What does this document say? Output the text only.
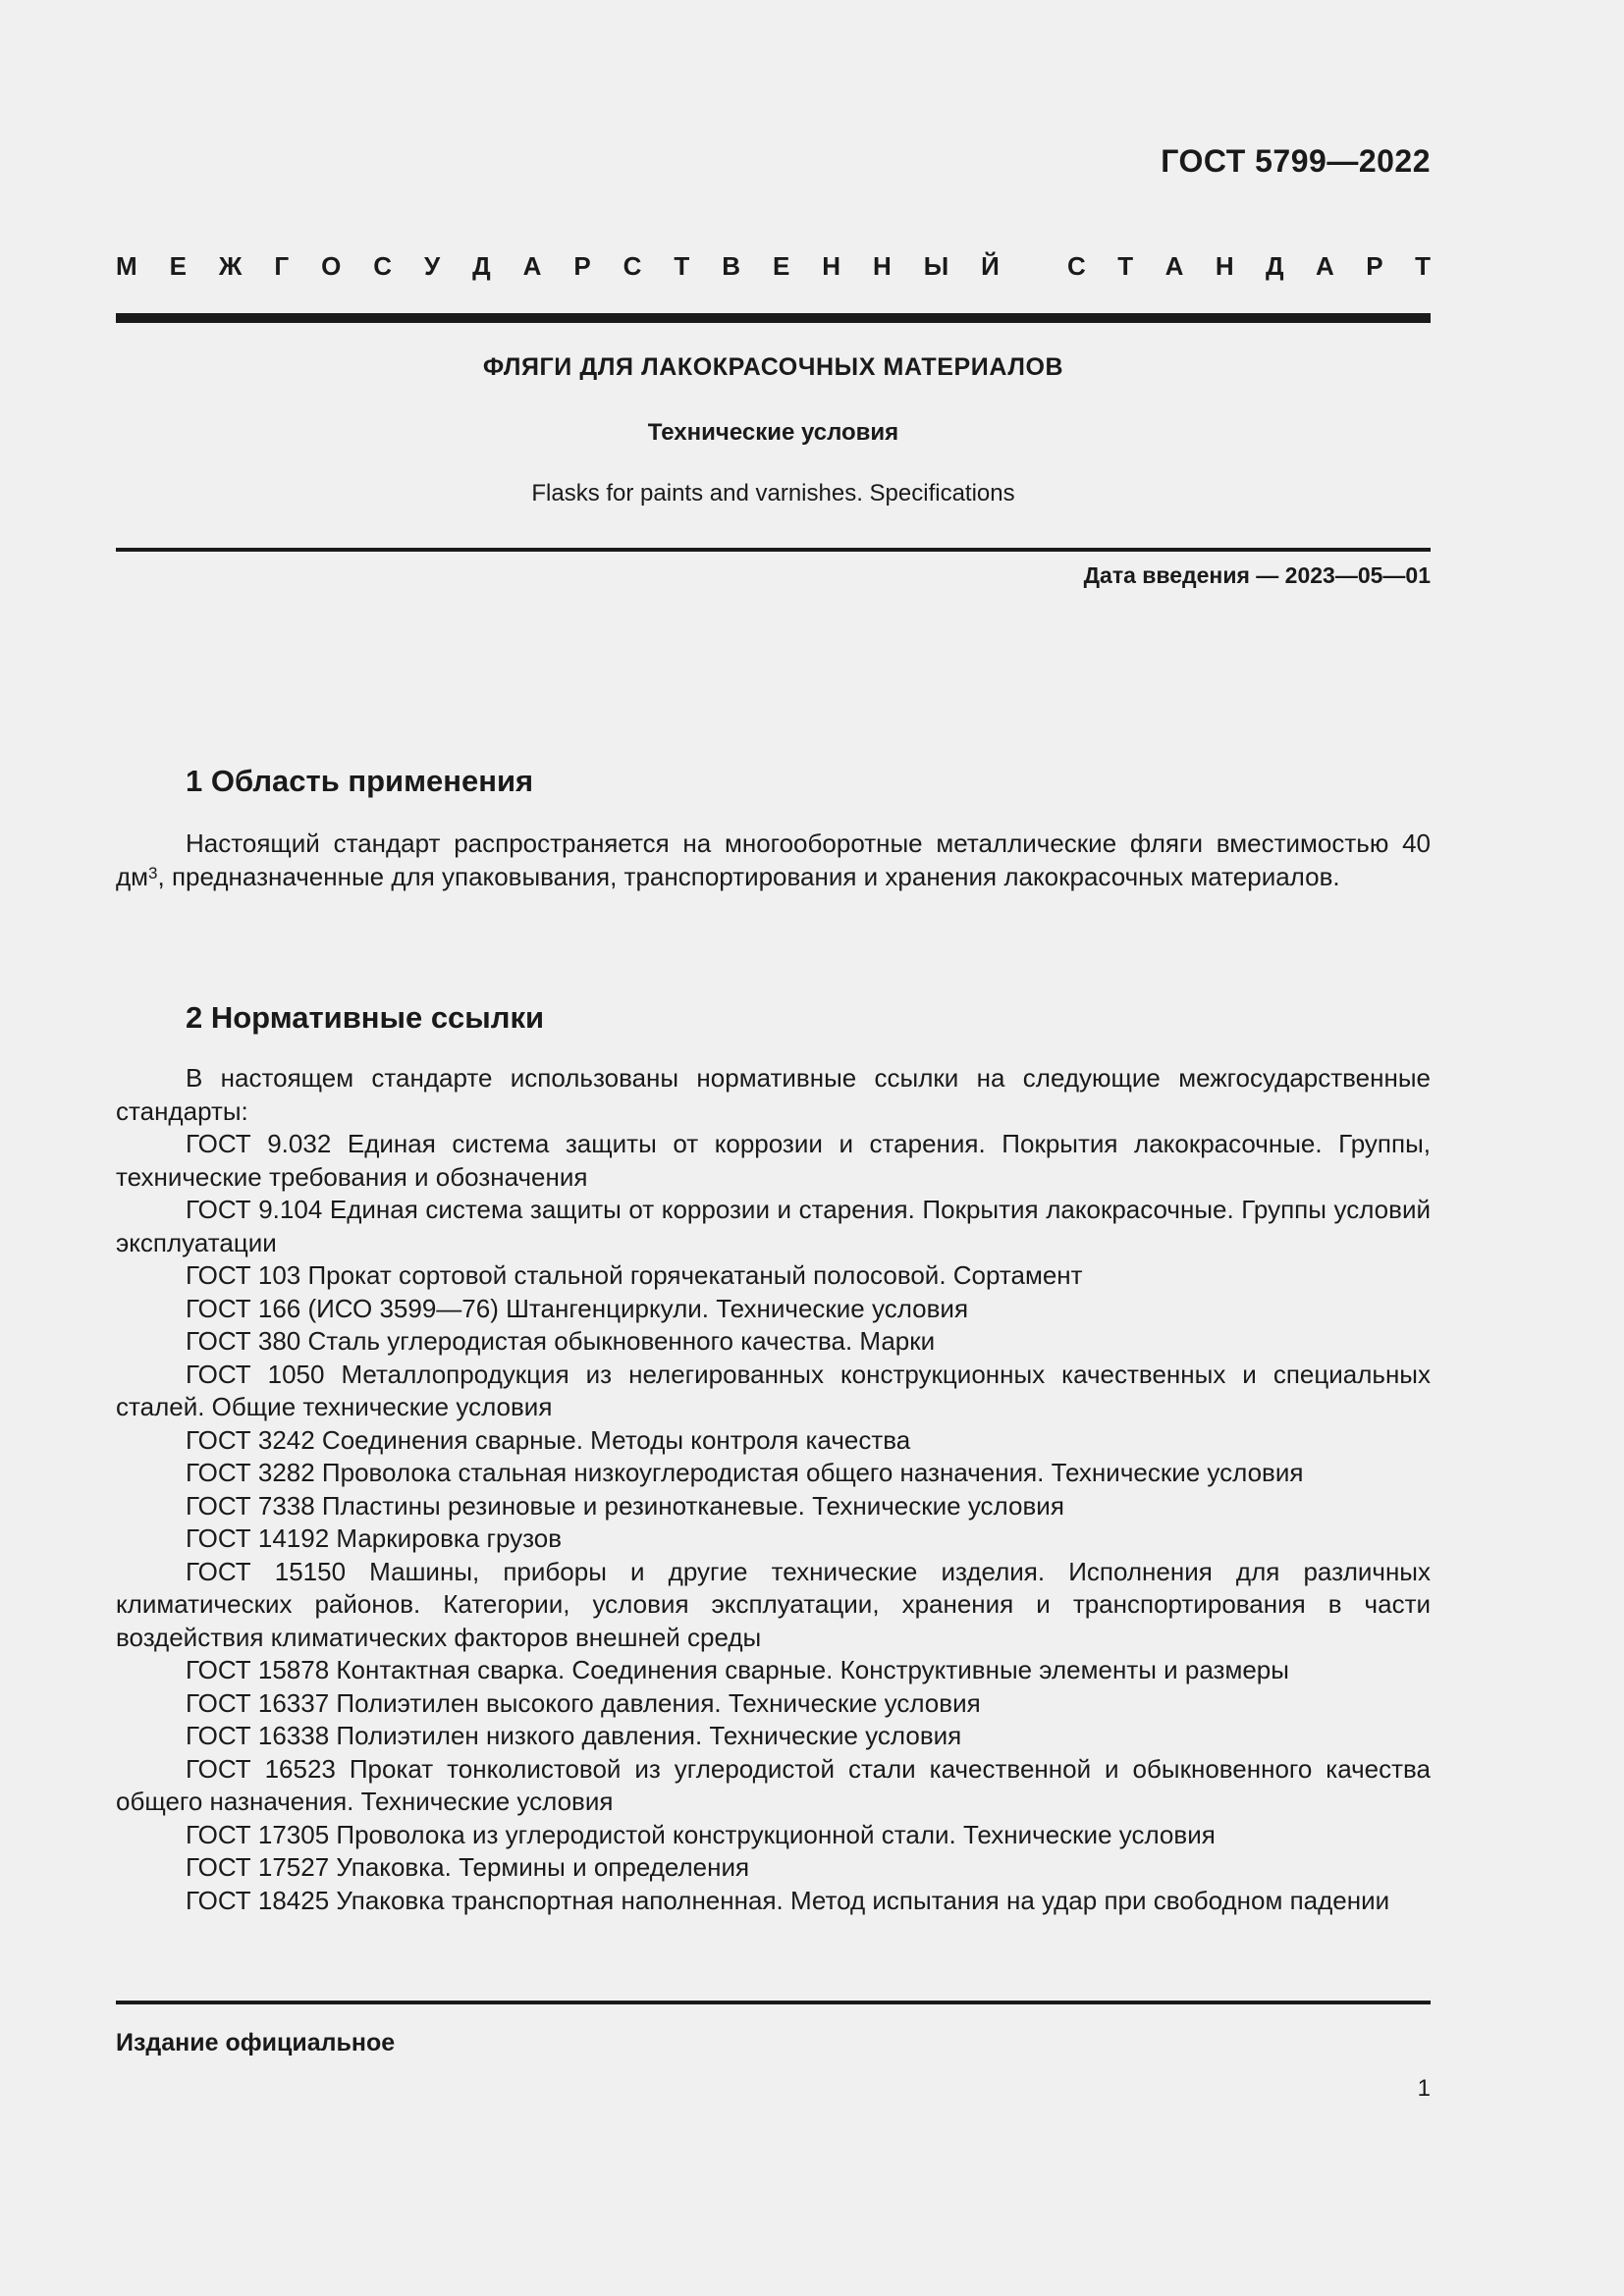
ГОСТ 5799—2022
М Е Ж Г О С У Д А Р С Т В Е Н Н Ы Й	С Т А Н Д А Р Т
ФЛЯГИ ДЛЯ ЛАКОКРАСОЧНЫХ МАТЕРИАЛОВ
Технические условия
Flasks for paints and varnishes. Specifications
Дата введения — 2023—05—01
1 Область применения

Настоящий стандарт распространяется на многооборотные металлические фляги вместимостью 40 $дм^3$, предназначенные для упаковывания, транспортирования и хранения лакокрасочных материалов.

2 Нормативные ссылки

В настоящем стандарте использованы нормативные ссылки на следующие межгосударственные стандарты:

ГОСТ 9.032 Единая система защиты от коррозии и старения. Покрытия лакокрасочные. Группы, технические требования и обозначения

ГОСТ 9.104 Единая система защиты от коррозии и старения. Покрытия лакокрасочные. Группы условий эксплуатации

ГОСТ 103 Прокат сортовой стальной горячекатаный полосовой. Сортамент

ГОСТ 166 (ИСО 3599—76) Штангенциркули. Технические условия

ГОСТ 380 Сталь углеродистая обыкновенного качества. Марки

ГОСТ 1050 Металлопродукция из нелегированных конструкционных качественных и специальных сталей. Общие технические условия

ГОСТ 3242 Соединения сварные. Методы контроля качества

ГОСТ 3282 Проволока стальная низкоуглеродистая общего назначения. Технические условия

ГОСТ 7338 Пластины резиновые и резинотканевые. Технические условия

ГОСТ 14192 Маркировка грузов

ГОСТ 15150 Машины, приборы и другие технические изделия. Исполнения для различных климатических районов. Категории, условия эксплуатации, хранения и транспортирования в части воздействия климатических факторов внешней среды

ГОСТ 15878 Контактная сварка. Соединения сварные. Конструктивные элементы и размеры

ГОСТ 16337 Полиэтилен высокого давления. Технические условия

ГОСТ 16338 Полиэтилен низкого давления. Технические условия

ГОСТ 16523 Прокат тонколистовой из углеродистой стали качественной и обыкновенного качества общего назначения. Технические условия

ГОСТ 17305 Проволока из углеродистой конструкционной стали. Технические условия

ГОСТ 17527 Упаковка. Термины и определения

ГОСТ 18425 Упаковка транспортная наполненная. Метод испытания на удар при свободном падении

Издание официальное
1
